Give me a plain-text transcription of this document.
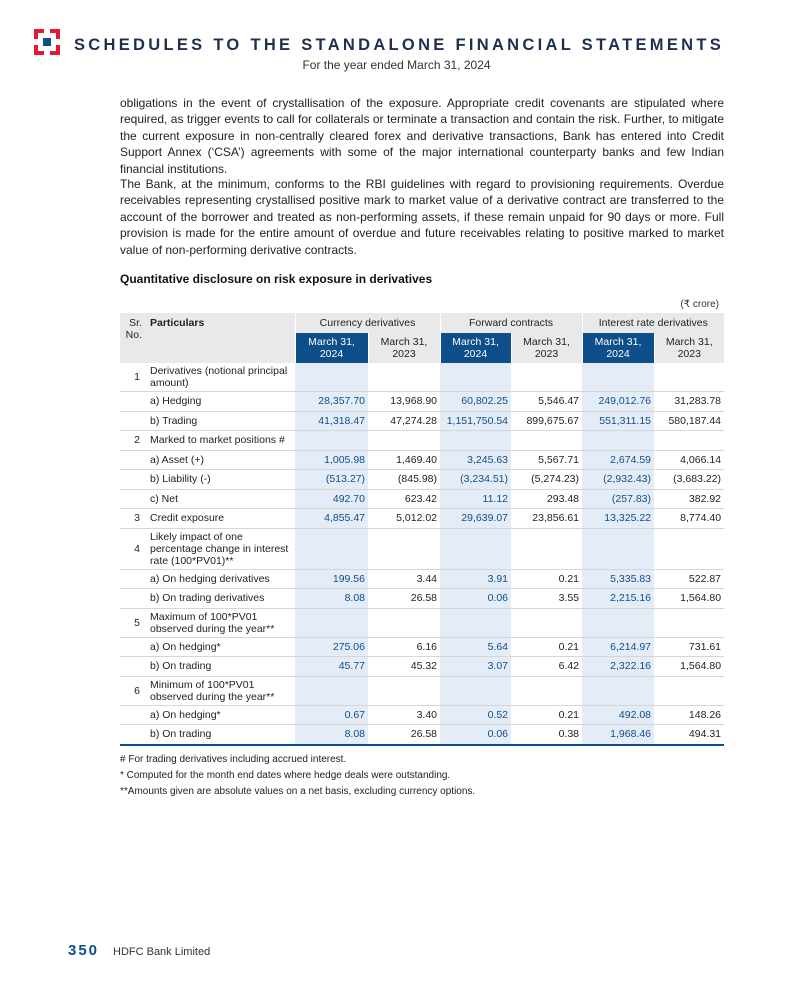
SCHEDULES TO THE STANDALONE FINANCIAL STATEMENTS
For the year ended March 31, 2024
obligations in the event of crystallisation of the exposure. Appropriate credit covenants are stipulated where required, as trigger events to call for collaterals or terminate a transaction and contain the risk. Further, to mitigate the current exposure in non-centrally cleared forex and derivative transactions, Bank has entered into Credit Support Annex (‘CSA’) agreements with some of the major international counterparty banks and few Indian financial institutions.
The Bank, at the minimum, conforms to the RBI guidelines with regard to provisioning requirements. Overdue receivables representing crystallised positive mark to market value of a derivative contract are transferred to the account of the borrower and treated as non-performing assets, if these remain unpaid for 90 days or more. Full provision is made for the entire amount of overdue and future receivables relating to positive marked to market value of non-performing derivative contracts.
Quantitative disclosure on risk exposure in derivatives
(₹ crore)
Sr. No.	Particulars	Currency derivatives		Forward contracts		Interest rate derivatives	
		March 31, 2024	March 31, 2023	March 31, 2024	March 31, 2023	March 31, 2024	March 31, 2023
1	Derivatives (notional principal amount)						
	a) Hedging	28,357.70	13,968.90	60,802.25	5,546.47	249,012.76	31,283.78
	b) Trading	41,318.47	47,274.28	1,151,750.54	899,675.67	551,311.15	580,187.44
2	Marked to market positions #						
	a) Asset (+)	1,005.98	1,469.40	3,245.63	5,567.71	2,674.59	4,066.14
	b) Liability (-)	(513.27)	(845.98)	(3,234.51)	(5,274.23)	(2,932.43)	(3,683.22)
	c) Net	492.70	623.42	11.12	293.48	(257.83)	382.92
3	Credit exposure	4,855.47	5,012.02	29,639.07	23,856.61	13,325.22	8,774.40
4	Likely impact of one percentage change in interest rate (100*PV01)**						
	a) On hedging derivatives	199.56	3.44	3.91	0.21	5,335.83	522.87
	b) On trading derivatives	8.08	26.58	0.06	3.55	2,215.16	1,564.80
5	Maximum of 100*PV01 observed during the year**						
	a) On hedging*	275.06	6.16	5.64	0.21	6,214.97	731.61
	b) On trading	45.77	45.32	3.07	6.42	2,322.16	1,564.80
6	Minimum of 100*PV01 observed during the year**						
	a) On hedging*	0.67	3.40	0.52	0.21	492.08	148.26
	b) On trading	8.08	26.58	0.06	0.38	1,968.46	494.31
# For trading derivatives including accrued interest.
* Computed for the month end dates where hedge deals were outstanding.
**Amounts given are absolute values on a net basis, excluding currency options.
350 HDFC Bank Limited
